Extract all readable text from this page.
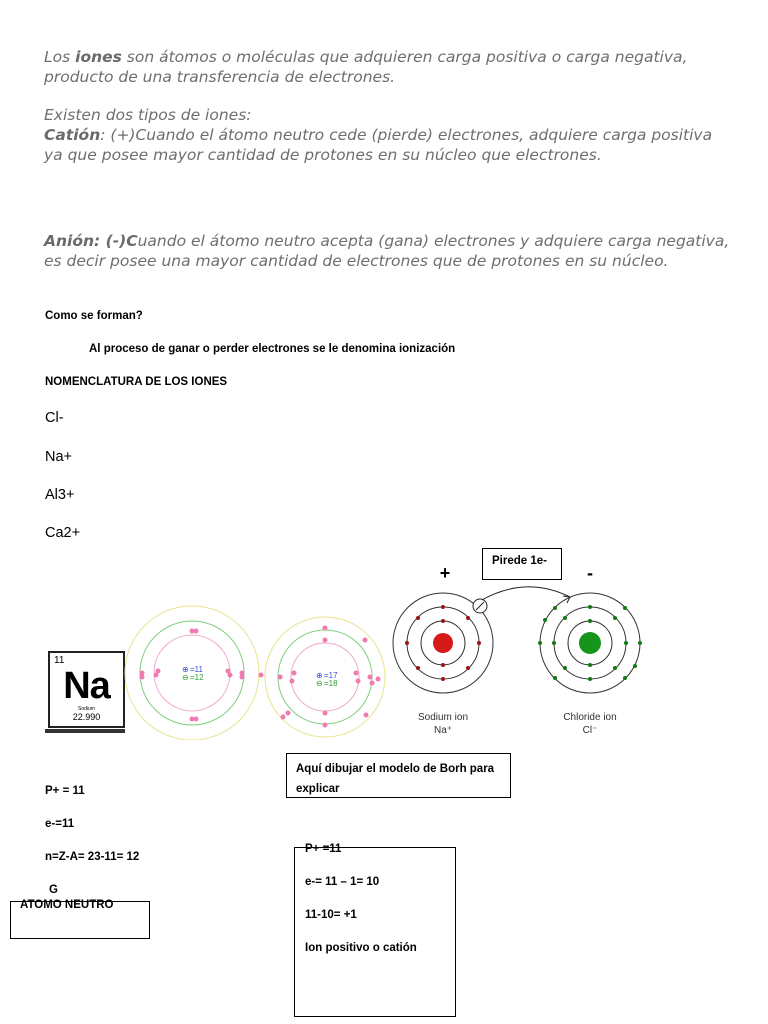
Los iones son átomos o moléculas que adquieren carga positiva o carga negativa, producto de una transferencia de electrones.
Existen dos tipos de iones:
Catión: (+)Cuando el átomo neutro cede (pierde) electrones, adquiere carga positiva ya que posee mayor cantidad de protones en su núcleo que electrones.
Anión: (-)Cuando el átomo neutro acepta (gana) electrones y adquiere carga negativa, es decir posee una mayor cantidad de electrones que de protones en su núcleo.
Como se forman?
Al proceso de ganar o perder electrones se le denomina ionización
NOMENCLATURA DE LOS IONES
Cl-
Na+
Al3+
Ca2+
11
Na
Sodium
22.990
⊕ =11
⊖ =12	⊕ =17
⊖ =18
+	-
Sodium ion
Na⁺
Chloride ion
Cl⁻
Pirede 1e-
Aquí dibujar el modelo de Borh para
explicar
P+ = 11
e-=11
n=Z-A= 23-11= 12
G
ATOMO NEUTRO
P+ =11
e-= 11 – 1= 10
11-10= +1
Ion positivo o catión
